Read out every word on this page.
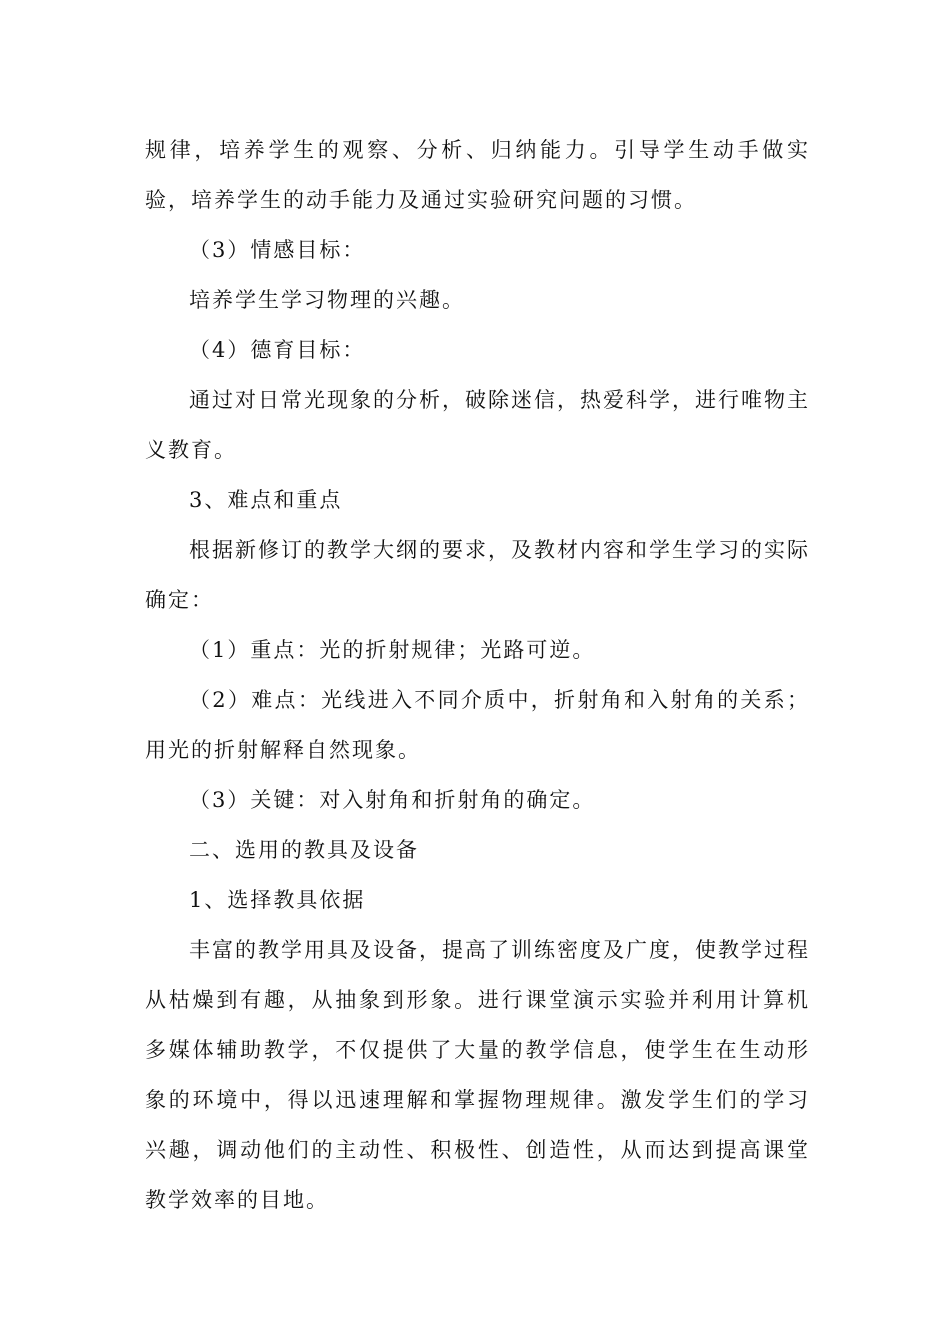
规律，培养学生的观察、分析、归纳能力。引导学生动手做实验，培养学生的动手能力及通过实验研究问题的习惯。

（3）情感目标：

培养学生学习物理的兴趣。

（4）德育目标：

通过对日常光现象的分析，破除迷信，热爱科学，进行唯物主义教育。

3、难点和重点

根据新修订的教学大纲的要求，及教材内容和学生学习的实际确定：

（1）重点：光的折射规律；光路可逆。

（2）难点：光线进入不同介质中，折射角和入射角的关系；用光的折射解释自然现象。

（3）关键：对入射角和折射角的确定。

二、选用的教具及设备

1、选择教具依据

丰富的教学用具及设备，提高了训练密度及广度，使教学过程从枯燥到有趣，从抽象到形象。进行课堂演示实验并利用计算机多媒体辅助教学，不仅提供了大量的教学信息，使学生在生动形象的环境中，得以迅速理解和掌握物理规律。激发学生们的学习兴趣，调动他们的主动性、积极性、创造性，从而达到提高课堂教学效率的目地。
